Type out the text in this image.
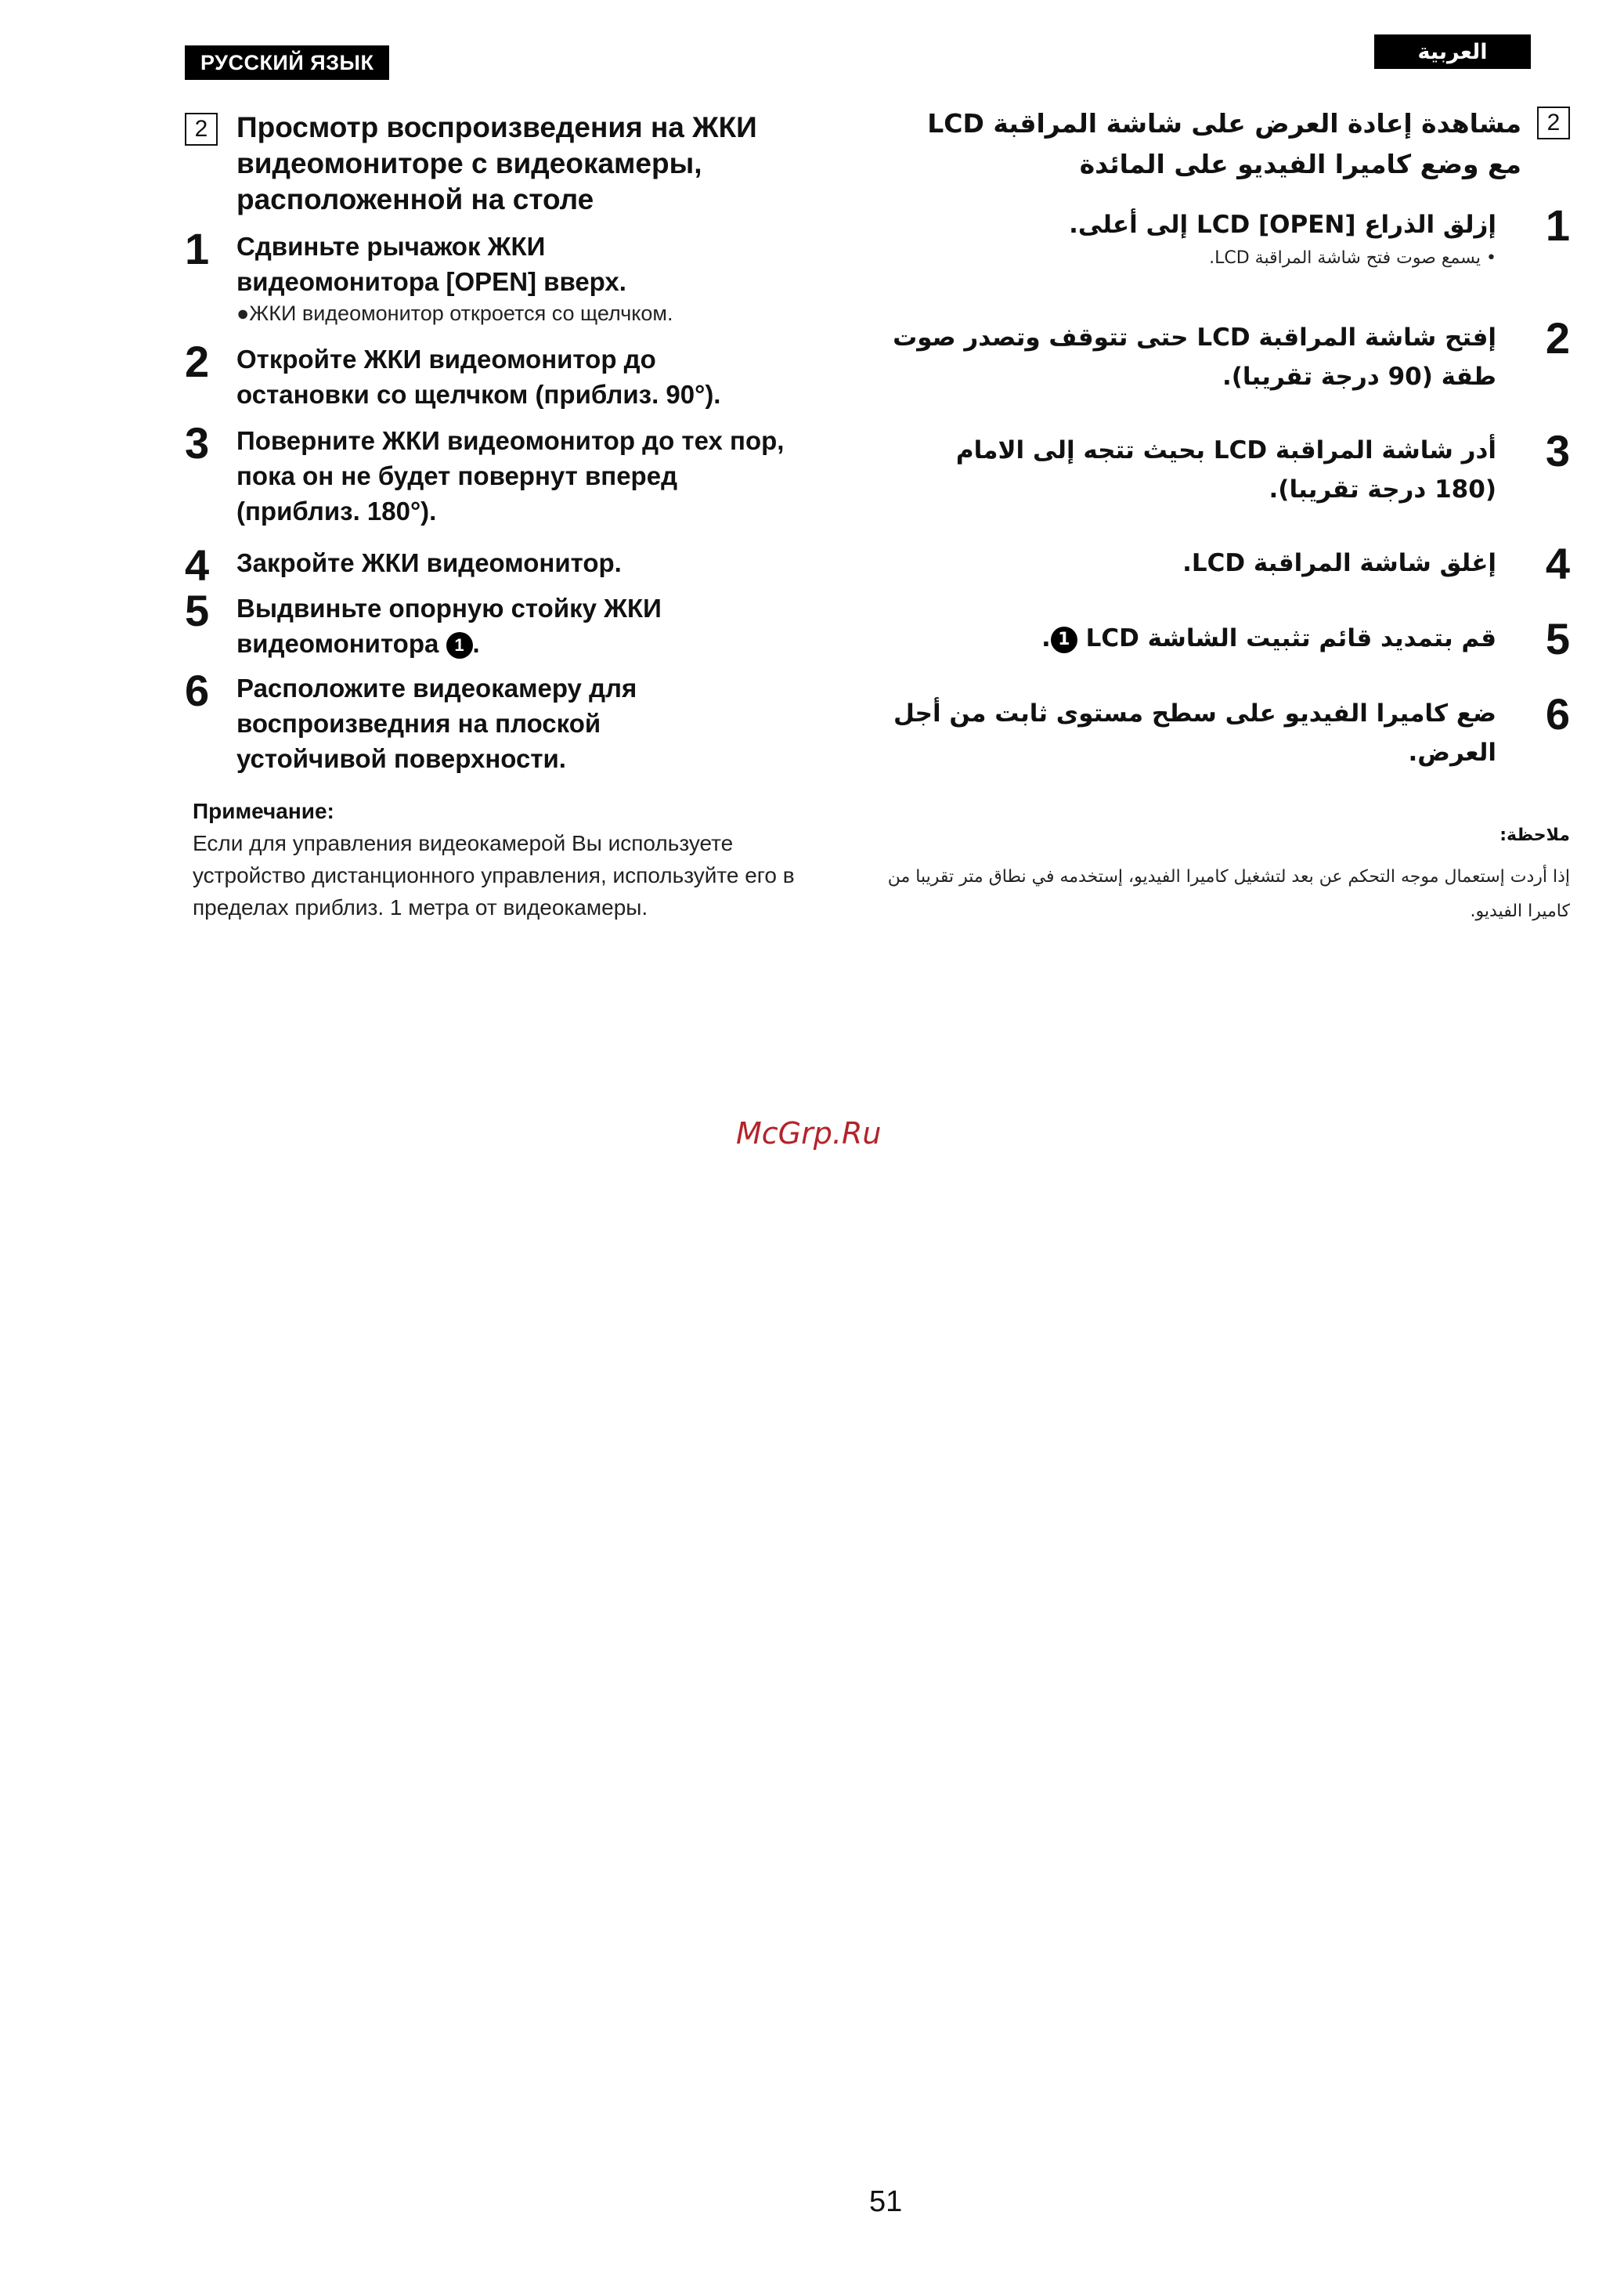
РУССКИЙ ЯЗЫК	العربية
2 Просмотр воспроизведения на ЖКИ видеомониторе с видеокамеры, расположенной на столе
1	Сдвиньте рычажок ЖКИ видеомонитора [OPEN] вверх.
●ЖКИ видеомонитор откроется со щелчком.
2	Откройте ЖКИ видеомонитор до остановки со щелчком (приблиз. 90°).
3	Поверните ЖКИ видеомонитор до тех пор, пока он не будет повернут вперед (приблиз. 180°).
4	Закройте ЖКИ видеомонитор.
5	Выдвиньте опорную стойку ЖКИ видеомонитора 1 .
6	Расположите видеокамеру для воспроизведния на плоской устойчивой поверхности.
Примечание:
Если для управления видеокамерой Вы используете устройство дистанционного управления, используйте его в пределах приблиз. 1 метра от видеокамеры.
2
مشاهدة إعادة العرض على شاشة المراقبة LCD مع وضع كاميرا الفيديو على المائدة
1
إزلق الذراع [OPEN] LCD إلى أعلى.
• يسمع صوت فتح شاشة المراقبة LCD.
2
إفتح شاشة المراقبة LCD حتى تتوقف وتصدر صوت طقة (90 درجة تقريبا).
3
أدر شاشة المراقبة LCD بحيث تتجه إلى الامام (180 درجة تقريبا).
4
إغلق شاشة المراقبة LCD.
5
قم بتمديد قائم تثبيت الشاشة LCD 1.
6
ضع كاميرا الفيديو على سطح مستوى ثابت من أجل العرض.
ملاحظة:
إذا أردت إستعمال موجه التحكم عن بعد لتشغيل كاميرا الفيديو، إستخدمه في نطاق متر تقريبا من كاميرا الفيديو.
McGrp.Ru
51
